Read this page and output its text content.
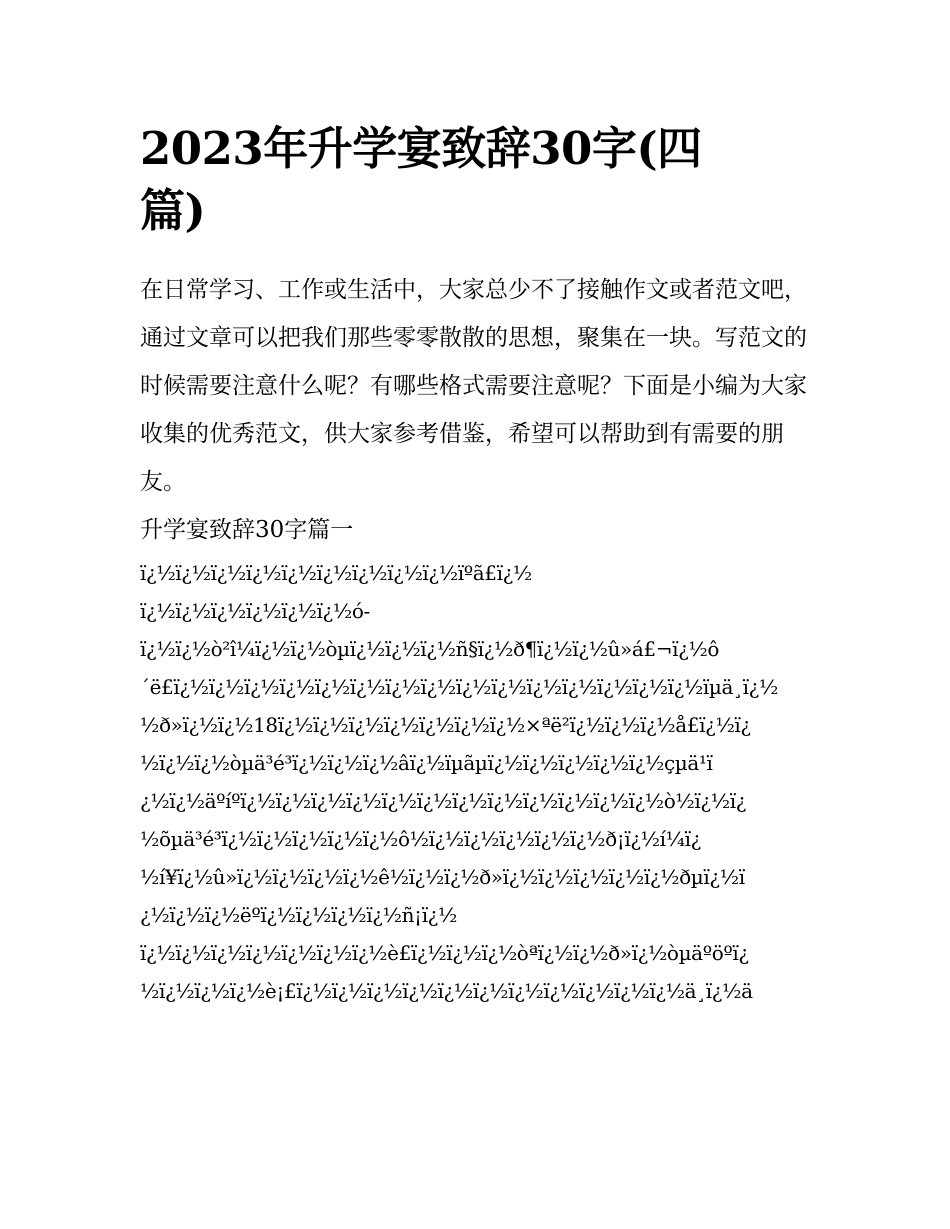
2023年升学宴致辞30字(四篇)

在日常学习、工作或生活中，大家总少不了接触作文或者范文吧，通过文章可以把我们那些零零散散的思想，聚集在一块。写范文的时候需要注意什么呢？有哪些格式需要注意呢？下面是小编为大家收集的优秀范文，供大家参考借鉴，希望可以帮助到有需要的朋友。

升学宴致辞30字篇一

ï¿½ï¿½ï¿½ï¿½ï¿½ï¿½ï¿½ï¿½ï¿½ïºã£ï¿½

ï¿½ï¿½ï¿½ï¿½ï¿½ï¿½ó-

ï¿½ï¿½ò²î¼ï¿½ï¿½òµï¿½ï¿½ï¿½ñ§ï¿½ð¶ï¿½ï¿½û»á£¬ï¿½ô

´ë£ï¿½ï¿½ï¿½ï¿½ï¿½ï¿½ï¿½ï¿½ï¿½ï¿½ï¿½ï¿½ï¿½ï¿½ï¿½ïµä¸ï¿½

½ð»ï¿½ï¿½18ï¿½ï¿½ï¿½ï¿½ï¿½ï¿½ï¿½×ªë²ï¿½ï¿½ï¿½å£ï¿½ï¿

½ï¿½ï¿½òµä³é³ï¿½ï¿½ï¿½âï¿½ïµãµï¿½ï¿½ï¿½ï¿½ï¿½çµä¹ï

¿½ï¿½äºíºï¿½ï¿½ï¿½ï¿½ï¿½ï¿½ï¿½ï¿½ï¿½ï¿½ï¿½ï¿½ò½ï¿½ï¿

½õµä³é³ï¿½ï¿½ï¿½ï¿½ï¿½ô½ï¿½ï¿½ï¿½ï¿½ï¿½ð¡ï¿½í¼ï¿

½í¥ï¿½û»ï¿½ï¿½ï¿½ï¿½ê½ï¿½ï¿½ð»ï¿½ï¿½ï¿½ï¿½ï¿½ðµï¿½ï

¿½ï¿½ï¿½ëºï¿½ï¿½ï¿½ï¿½ñ¡ï¿½

ï¿½ï¿½ï¿½ï¿½ï¿½ï¿½ï¿½è£ï¿½ï¿½ï¿½òªï¿½ï¿½ð»ï¿½òµäºöºï¿

½ï¿½ï¿½ï¿½è¡£ï¿½ï¿½ï¿½ï¿½ï¿½ï¿½ï¿½ï¿½ï¿½ï¿½ï¿½ä¸ï¿½ä
